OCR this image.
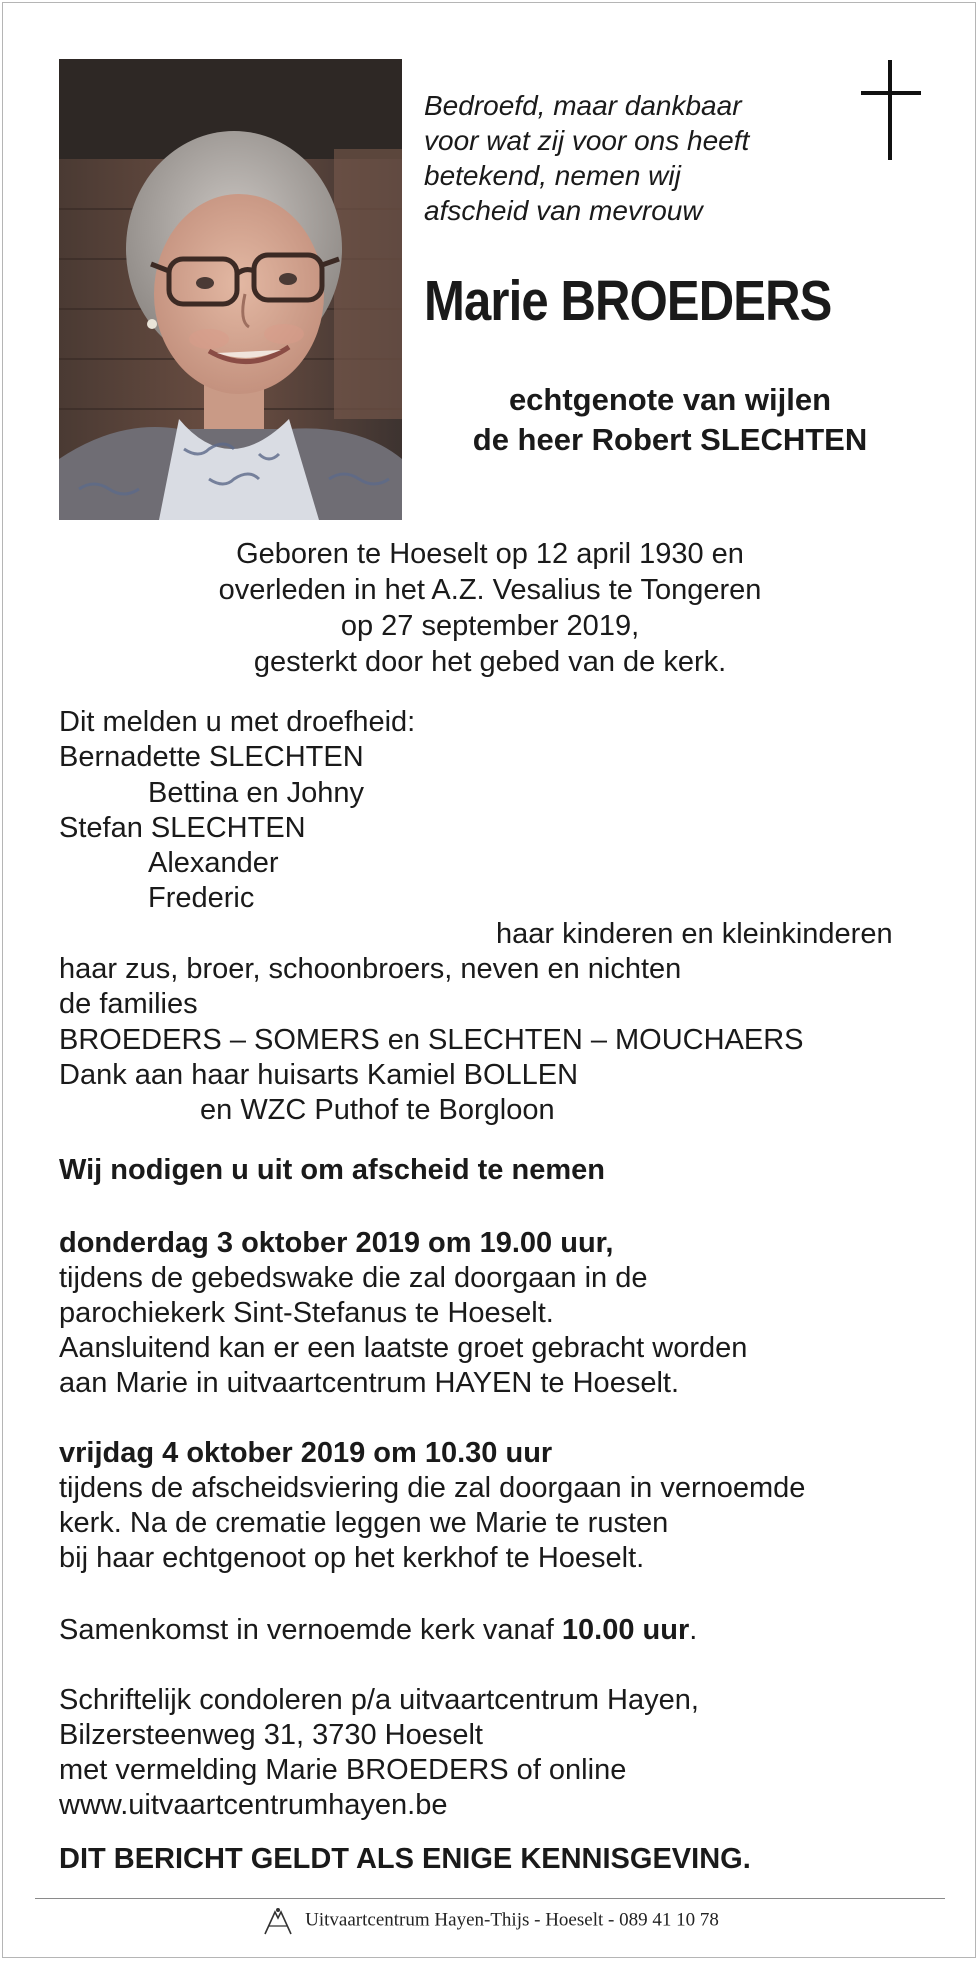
Bedroefd, maar dankbaar
voor wat zij voor ons heeft
betekend, nemen wij
afscheid van mevrouw
Marie BROEDERS
echtgenote van wijlen
de heer Robert SLECHTEN
Geboren te Hoeselt op 12 april 1930 en
overleden in het A.Z. Vesalius te Tongeren
op 27 september 2019,
gesterkt door het gebed van de kerk.
Dit melden u met droefheid:
Bernadette SLECHTEN
Bettina en Johny
Stefan SLECHTEN
Alexander
Frederic
haar kinderen en kleinkinderen
haar zus, broer, schoonbroers, neven en nichten
de families
BROEDERS – SOMERS en SLECHTEN – MOUCHAERS
Dank aan haar huisarts Kamiel BOLLEN
en WZC Puthof te Borgloon
Wij nodigen u uit om afscheid te nemen
donderdag 3 oktober 2019 om 19.00 uur,
tijdens de gebedswake die zal doorgaan in de
parochiekerk Sint-Stefanus te Hoeselt.
Aansluitend kan er een laatste groet gebracht worden
aan Marie in uitvaartcentrum HAYEN te Hoeselt.
vrijdag 4 oktober 2019 om 10.30 uur
tijdens de afscheidsviering die zal doorgaan in vernoemde
kerk. Na de crematie leggen we Marie te rusten
bij haar echtgenoot op het kerkhof te Hoeselt.
Samenkomst in vernoemde kerk vanaf 10.00 uur.
Schriftelijk condoleren p/a uitvaartcentrum Hayen,
Bilzersteenweg 31, 3730 Hoeselt
met vermelding Marie BROEDERS of online
www.uitvaartcentrumhayen.be
DIT BERICHT GELDT ALS ENIGE KENNISGEVING.
Uitvaartcentrum Hayen-Thijs - Hoeselt - 089 41 10 78
